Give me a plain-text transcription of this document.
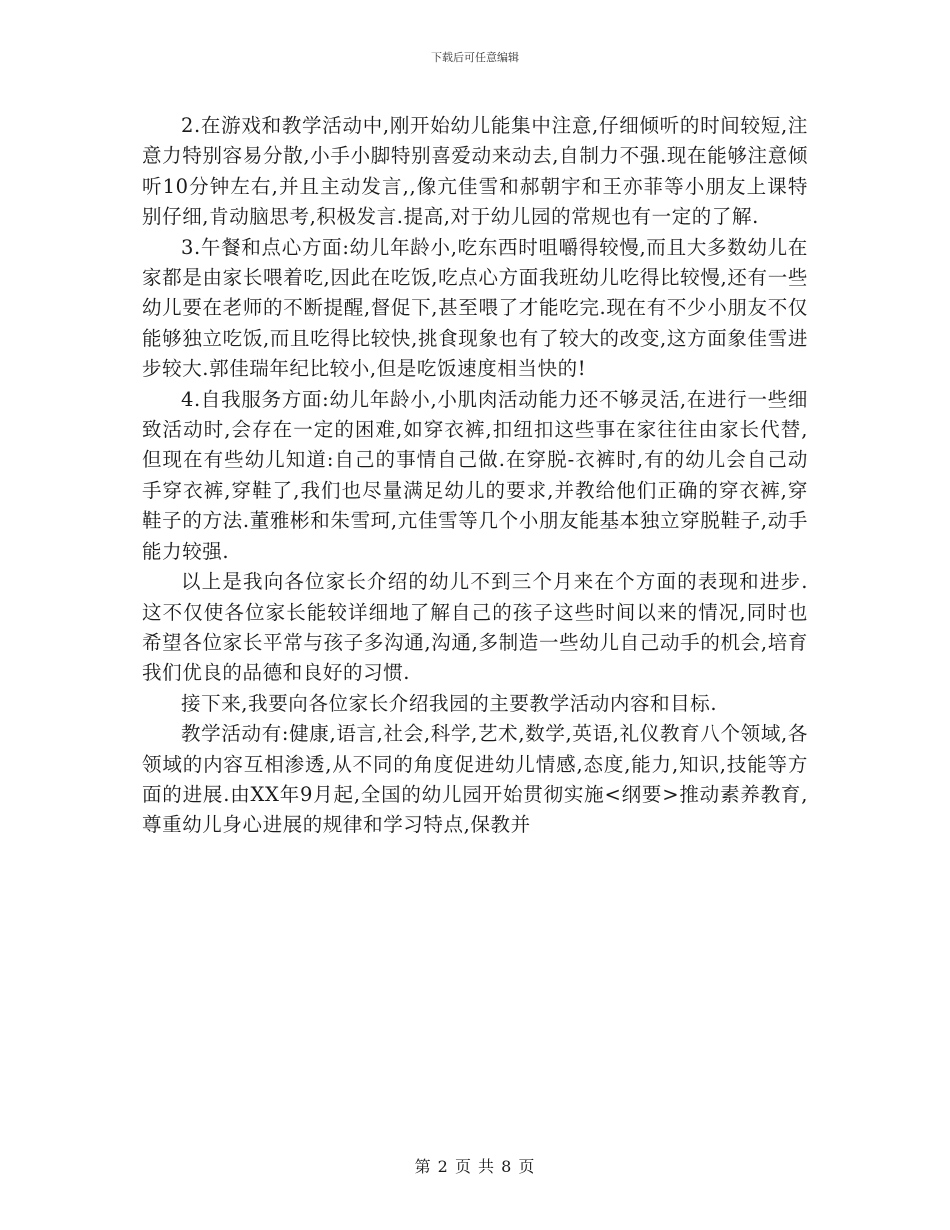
下载后可任意编辑

2.在游戏和教学活动中,刚开始幼儿能集中注意,仔细倾听的时间较短,注意力特别容易分散,小手小脚特别喜爱动来动去,自制力不强.现在能够注意倾听10分钟左右,并且主动发言,,像亢佳雪和郝朝宇和王亦菲等小朋友上课特别仔细,肯动脑思考,积极发言.提高,对于幼儿园的常规也有一定的了解.

3.午餐和点心方面:幼儿年龄小,吃东西时咀嚼得较慢,而且大多数幼儿在家都是由家长喂着吃,因此在吃饭,吃点心方面我班幼儿吃得比较慢,还有一些幼儿要在老师的不断提醒,督促下,甚至喂了才能吃完.现在有不少小朋友不仅能够独立吃饭,而且吃得比较快,挑食现象也有了较大的改变,这方面象佳雪进步较大.郭佳瑞年纪比较小,但是吃饭速度相当快的!

4.自我服务方面:幼儿年龄小,小肌肉活动能力还不够灵活,在进行一些细致活动时,会存在一定的困难,如穿衣裤,扣纽扣这些事在家往往由家长代替,但现在有些幼儿知道:自己的事情自己做.在穿脱-衣裤时,有的幼儿会自己动手穿衣裤,穿鞋了,我们也尽量满足幼儿的要求,并教给他们正确的穿衣裤,穿鞋子的方法.董雅彬和朱雪珂,亢佳雪等几个小朋友能基本独立穿脱鞋子,动手能力较强.

以上是我向各位家长介绍的幼儿不到三个月来在个方面的表现和进步.这不仅使各位家长能较详细地了解自己的孩子这些时间以来的情况,同时也希望各位家长平常与孩子多沟通,沟通,多制造一些幼儿自己动手的机会,培育我们优良的品德和良好的习惯.

接下来,我要向各位家长介绍我园的主要教学活动内容和目标.

教学活动有:健康,语言,社会,科学,艺术,数学,英语,礼仪教育八个领域,各领域的内容互相渗透,从不同的角度促进幼儿情感,态度,能力,知识,技能等方面的进展.由XX年9月起,全国的幼儿园开始贯彻实施<纲要>推动素养教育,尊重幼儿身心进展的规律和学习特点,保教并

第 2 页 共 8 页
